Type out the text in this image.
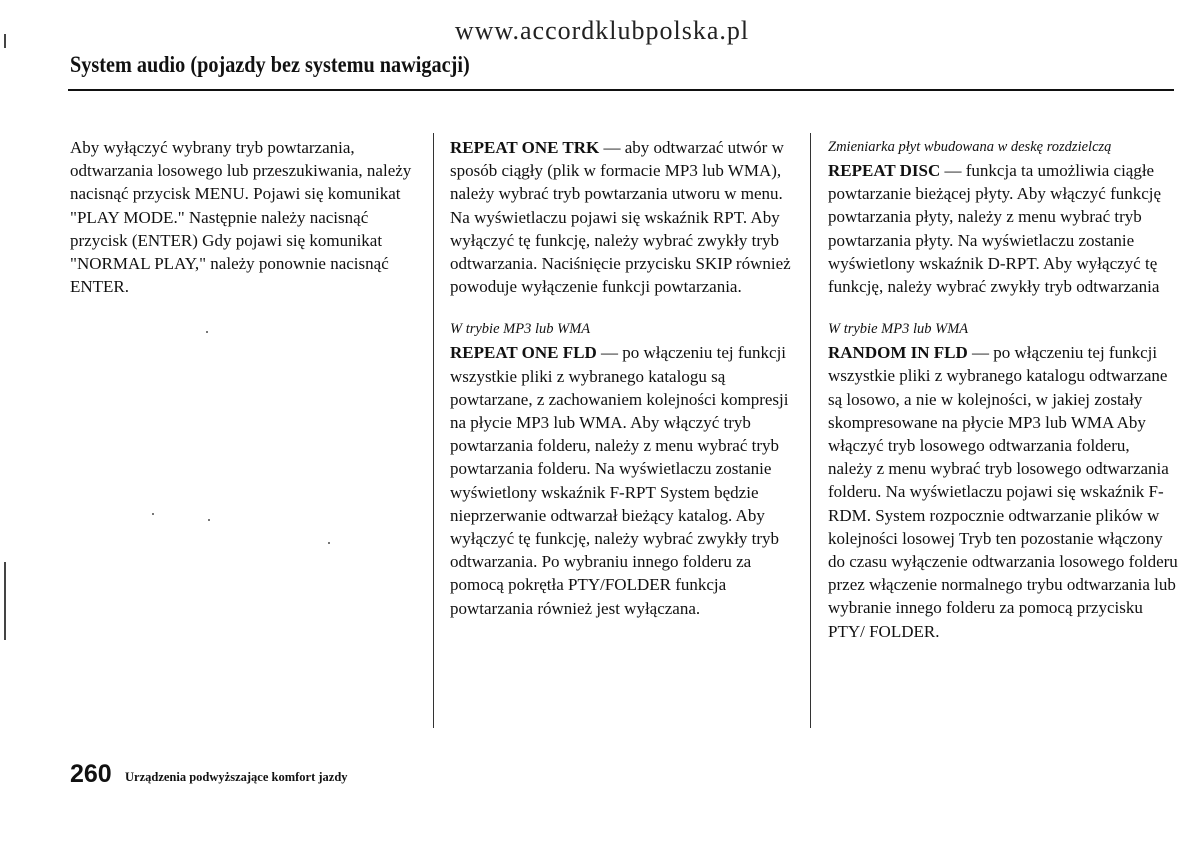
www.accordklubpolska.pl
System audio (pojazdy bez systemu nawigacji)

Aby wyłączyć wybrany tryb powtarzania, odtwarzania losowego lub przeszukiwania, należy nacisnąć przycisk MENU. Pojawi się komunikat "PLAY MODE." Następnie należy nacisnąć przycisk (ENTER) Gdy pojawi się komunikat "NORMAL PLAY," należy ponownie nacisnąć ENTER.

REPEAT ONE TRK — aby odtwarzać utwór w sposób ciągły (plik w formacie MP3 lub WMA), należy wybrać tryb powtarzania utworu w menu. Na wyświetlaczu pojawi się wskaźnik RPT. Aby wyłączyć tę funkcję, należy wybrać zwykły tryb odtwarzania. Naciśnięcie przycisku SKIP również powoduje wyłączenie funkcji powtarzania.

W trybie MP3 lub WMA

REPEAT ONE FLD — po włączeniu tej funkcji wszystkie pliki z wybranego katalogu są powtarzane, z zachowaniem kolejności kompresji na płycie MP3 lub WMA. Aby włączyć tryb powtarzania folderu, należy z menu wybrać tryb powtarzania folderu. Na wyświetlaczu zostanie wyświetlony wskaźnik F-RPT System będzie nieprzerwanie odtwarzał bieżący katalog. Aby wyłączyć tę funkcję, należy wybrać zwykły tryb odtwarzania. Po wybraniu innego folderu za pomocą pokrętła PTY/FOLDER funkcja powtarzania również jest wyłączana.

Zmieniarka płyt wbudowana w deskę rozdzielczą

REPEAT DISC — funkcja ta umożliwia ciągłe powtarzanie bieżącej płyty. Aby włączyć funkcję powtarzania płyty, należy z menu wybrać tryb powtarzania płyty. Na wyświetlaczu zostanie wyświetlony wskaźnik D-RPT. Aby wyłączyć tę funkcję, należy wybrać zwykły tryb odtwarzania

W trybie MP3 lub WMA

RANDOM IN FLD — po włączeniu tej funkcji wszystkie pliki z wybranego katalogu odtwarzane są losowo, a nie w kolejności, w jakiej zostały skompresowane na płycie MP3 lub WMA Aby włączyć tryb losowego odtwarzania folderu, należy z menu wybrać tryb losowego odtwarzania folderu. Na wyświetlaczu pojawi się wskaźnik F-RDM. System rozpocznie odtwarzanie plików w kolejności losowej Tryb ten pozostanie włączony do czasu wyłączenie odtwarzania losowego folderu przez włączenie normalnego trybu odtwarzania lub wybranie innego folderu za pomocą przycisku PTY/ FOLDER.

260 Urządzenia podwyższające komfort jazdy
